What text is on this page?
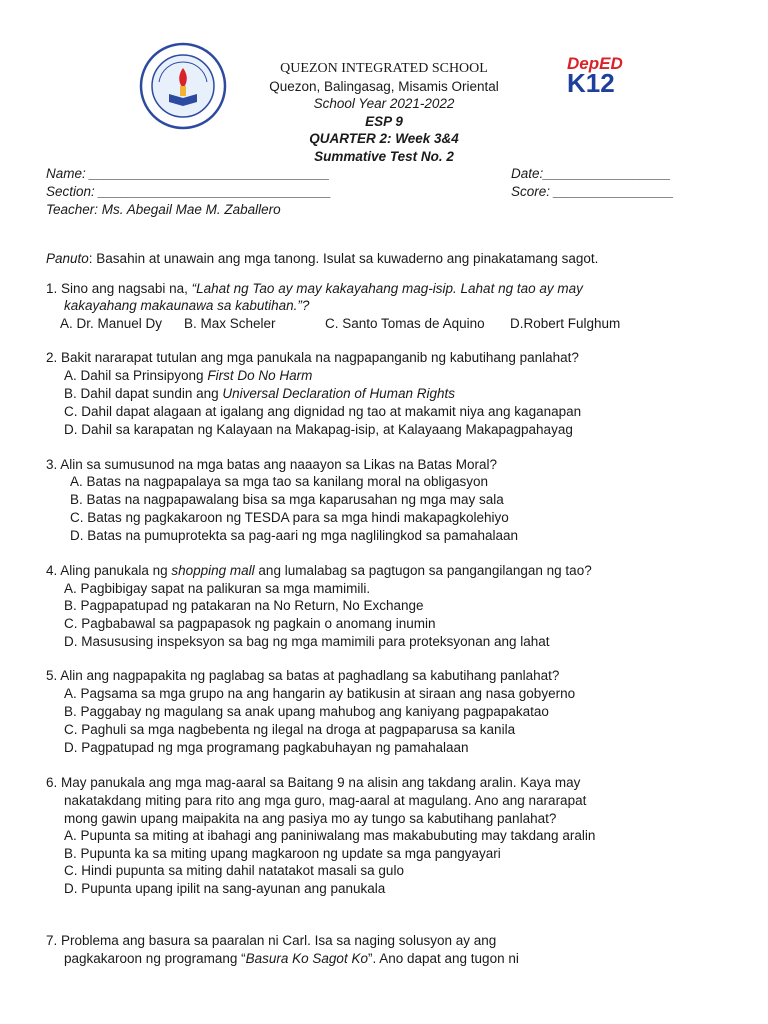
DepED
K12
QUEZON INTEGRATED SCHOOL
Quezon, Balingasag, Misamis Oriental
School Year 2021-2022
ESP 9
QUARTER 2: Week 3&4
Summative Test No. 2
Name: ________________________________	Date:_________________
Section: _______________________________	Score: ________________
Teacher: Ms. Abegail Mae M. Zaballero
Panuto: Basahin at unawain ang mga tanong. Isulat sa kuwaderno ang pinakatamang sagot.
1. Sino ang nagsabi na, “Lahat ng Tao ay may kakayahang mag-isip. Lahat ng tao ay may
kakayahang makaunawa sa kabutihan.”?
A. Dr. Manuel Dy B. Max Scheler	C. Santo Tomas de Aquino D.Robert Fulghum
2. Bakit nararapat tutulan ang mga panukala na nagpapanganib ng kabutihang panlahat?
A. Dahil sa Prinsipyong First Do No Harm
B. Dahil dapat sundin ang Universal Declaration of Human Rights
C. Dahil dapat alagaan at igalang ang dignidad ng tao at makamit niya ang kaganapan
D. Dahil sa karapatan ng Kalayaan na Makapag-isip, at Kalayaang Makapagpahayag
3. Alin sa sumusunod na mga batas ang naaayon sa Likas na Batas Moral?
A. Batas na nagpapalaya sa mga tao sa kanilang moral na obligasyon
B. Batas na nagpapawalang bisa sa mga kaparusahan ng mga may sala
C. Batas ng pagkakaroon ng TESDA para sa mga hindi makapagkolehiyo
D. Batas na pumuprotekta sa pag-aari ng mga naglilingkod sa pamahalaan
4. Aling panukala ng shopping mall ang lumalabag sa pagtugon sa pangangilangan ng tao?
A. Pagbibigay sapat na palikuran sa mga mamimili.
B. Pagpapatupad ng patakaran na No Return, No Exchange
C. Pagbabawal sa pagpapasok ng pagkain o anomang inumin
D. Masususing inspeksyon sa bag ng mga mamimili para proteksyonan ang lahat
5. Alin ang nagpapakita ng paglabag sa batas at paghadlang sa kabutihang panlahat?
A. Pagsama sa mga grupo na ang hangarin ay batikusin at siraan ang nasa gobyerno
B. Paggabay ng magulang sa anak upang mahubog ang kaniyang pagpapakatao
C. Paghuli sa mga nagbebenta ng ilegal na droga at pagpaparusa sa kanila
D. Pagpatupad ng mga programang pagkabuhayan ng pamahalaan
6. May panukala ang mga mag-aaral sa Baitang 9 na alisin ang takdang aralin. Kaya may
nakatakdang miting para rito ang mga guro, mag-aaral at magulang. Ano ang nararapat
mong gawin upang maipakita na ang pasiya mo ay tungo sa kabutihang panlahat?
A. Pupunta sa miting at ibahagi ang paniniwalang mas makabubuting may takdang aralin
B. Pupunta ka sa miting upang magkaroon ng update sa mga pangyayari
C. Hindi pupunta sa miting dahil natatakot masali sa gulo
D. Pupunta upang ipilit na sang-ayunan ang panukala
7. Problema ang basura sa paaralan ni Carl. Isa sa naging solusyon ay ang
pagkakaroon ng programang “Basura Ko Sagot Ko”. Ano dapat ang tugon ni
